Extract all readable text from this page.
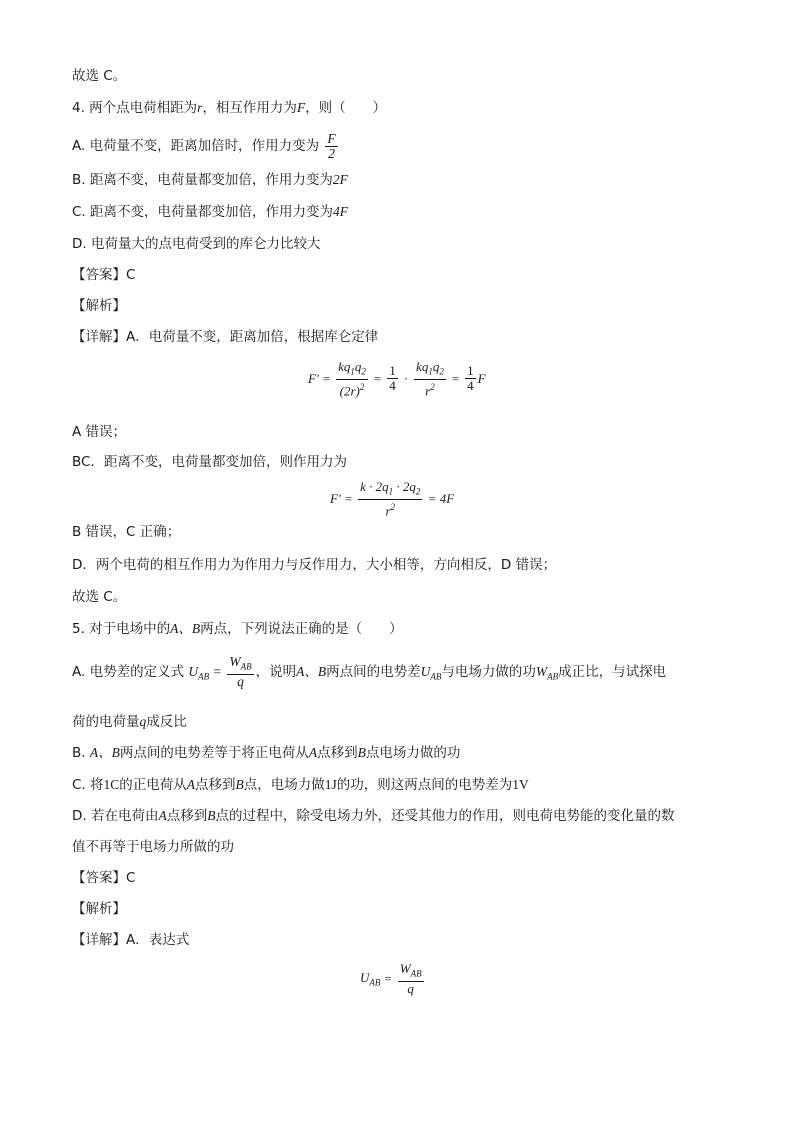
故选 C。
4. 两个点电荷相距为r，相互作用力为F，则（　　）
A. 电荷量不变，距离加倍时，作用力变为 $\frac{F}{2}$
B. 距离不变，电荷量都变加倍，作用力变为2F
C. 距离不变，电荷量都变加倍，作用力变为4F
D. 电荷量大的点电荷受到的库仑力比较大
【答案】C
【解析】
【详解】A．电荷量不变，距离加倍，根据库仑定律
$F' = \frac{kq_1q_2}{(2r)^2} = \frac{1}{4} \cdot \frac{kq_1q_2}{r^2} = \frac{1}{4}$ F
A 错误；
BC．距离不变，电荷量都变加倍，则作用力为
$F' = \frac{k \cdot 2q_1 \cdot 2q_2}{r^2} = 4F$
B 错误，C 正确；
D．两个电荷的相互作用力为作用力与反作用力，大小相等，方向相反，D 错误；
故选 C。
5. 对于电场中的A、B两点，下列说法正确的是（　　）
A. 电势差的定义式 $U_{AB} = \frac{W_{AB}}{q}$ ，说明A、B两点间的电势差$U_{AB}$与电场力做的功$W_{AB}$成正比，与试探电
荷的电荷量q成反比
B. A、B两点间的电势差等于将正电荷从A点移到B点电场力做的功
C. 将1C的正电荷从A点移到B点，电场力做1J的功，则这两点间的电势差为1V
D. 若在电荷由A点移到B点的过程中，除受电场力外，还受其他力的作用，则电荷电势能的变化量的数
值不再等于电场力所做的功
【答案】C
【解析】
【详解】A．表达式
$U_{AB} = \frac{W_{AB}}{q}$
